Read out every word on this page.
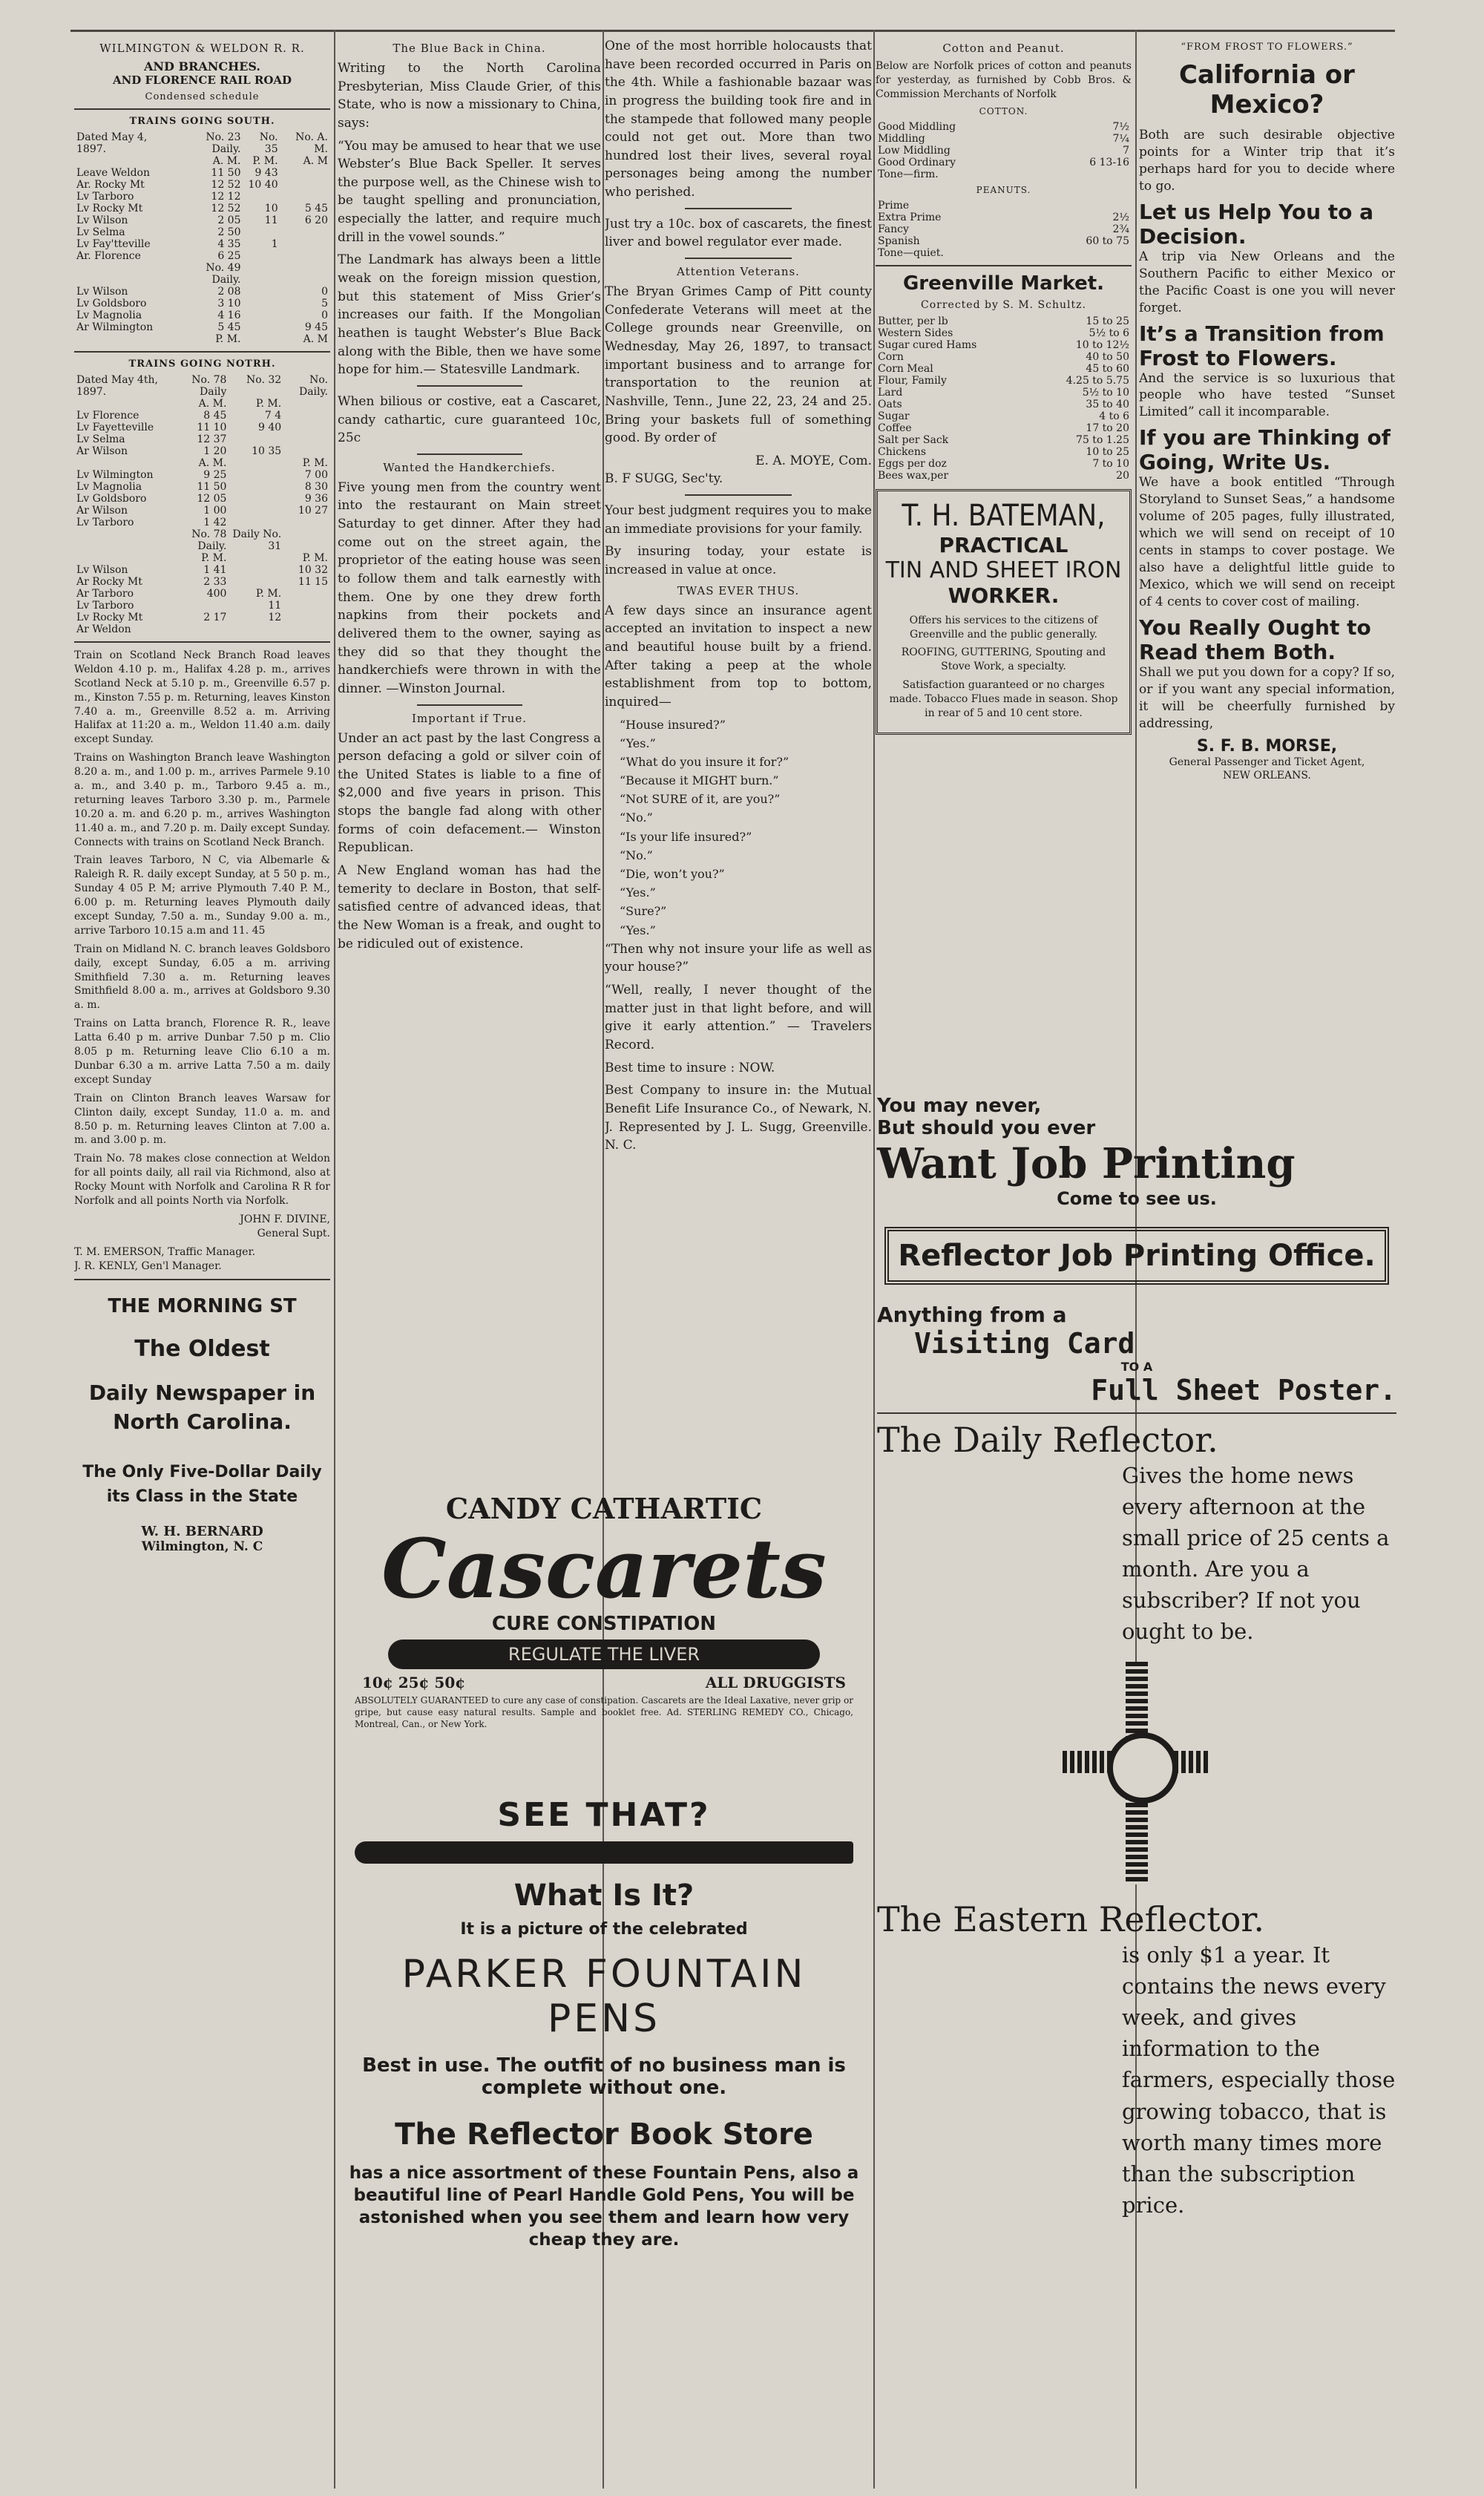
WILMINGTON & WELDON R. R.
AND BRANCHES.
AND FLORENCE RAIL ROAD
Condensed schedule
TRAINS GOING SOUTH.
Dated May 4, 1897.	No. 23 Daily.	No. 35	No. A. M.
	A. M.	P. M.	A. M
Leave Weldon	11 50	9 43	
Ar. Rocky Mt	12 52	10 40	
Lv Tarboro	12 12		
Lv Rocky Mt	12 52	10	5 45
Lv Wilson	2 05	11	6 20
Lv Selma	2 50		
Lv Fay'tteville	4 35	1	
Ar. Florence	6 25		
	No. 49 Daily.		
Lv Wilson	2 08		0
Lv Goldsboro	3 10		5
Lv Magnolia	4 16		0
Ar Wilmington	5 45		9 45
	P. M.		A. M
TRAINS GOING NOTRH.
Dated May 4th, 1897.	No. 78 Daily	No. 32	No. Daily.
	A. M.	P. M.	
Lv Florence	8 45	7 4	
Lv Fayetteville	11 10	9 40	
Lv Selma	12 37		
Ar Wilson	1 20	10 35	
	A. M.		P. M.
Lv Wilmington	9 25		7 00
Lv Magnolia	11 50		8 30
Lv Goldsboro	12 05		9 36
Ar Wilson	1 00		10 27
Lv Tarboro	1 42		
	No. 78 Daily.	Daily No. 31	
	P. M.		P. M.
Lv Wilson	1 41		10 32
Ar Rocky Mt	2 33		11 15
Ar Tarboro	400	P. M.	
Lv Tarboro		11	
Lv Rocky Mt	2 17	12	
Ar Weldon			

Train on Scotland Neck Branch Road leaves Weldon 4.10 p. m., Halifax 4.28 p. m., arrives Scotland Neck at 5.10 p. m., Greenville 6.57 p. m., Kinston 7.55 p. m. Returning, leaves Kinston 7.40 a. m., Greenville 8.52 a. m. Arriving Halifax at 11:20 a. m., Weldon 11.40 a.m. daily except Sunday.

Trains on Washington Branch leave Washington 8.20 a. m., and 1.00 p. m., arrives Parmele 9.10 a. m., and 3.40 p. m., Tarboro 9.45 a. m., returning leaves Tarboro 3.30 p. m., Parmele 10.20 a. m. and 6.20 p. m., arrives Washington 11.40 a. m., and 7.20 p. m. Daily except Sunday. Connects with trains on Scotland Neck Branch.

Train leaves Tarboro, N C, via Albemarle & Raleigh R. R. daily except Sunday, at 5 50 p. m., Sunday 4 05 P. M; arrive Plymouth 7.40 P. M., 6.00 p. m. Returning leaves Plymouth daily except Sunday, 7.50 a. m., Sunday 9.00 a. m., arrive Tarboro 10.15 a.m and 11. 45

Train on Midland N. C. branch leaves Goldsboro daily, except Sunday, 6.05 a m. arriving Smithfield 7.30 a. m. Returning leaves Smithfield 8.00 a. m., arrives at Goldsboro 9.30 a. m.

Trains on Latta branch, Florence R. R., leave Latta 6.40 p m. arrive Dunbar 7.50 p m. Clio 8.05 p m. Returning leave Clio 6.10 a m. Dunbar 6.30 a m. arrive Latta 7.50 a m. daily except Sunday

Train on Clinton Branch leaves Warsaw for Clinton daily, except Sunday, 11.0 a. m. and 8.50 p. m. Returning leaves Clinton at 7.00 a. m. and 3.00 p. m.

Train No. 78 makes close connection at Weldon for all points daily, all rail via Richmond, also at Rocky Mount with Norfolk and Carolina R R for Norfolk and all points North via Norfolk.

JOHN F. DIVINE,

General Supt.

T. M. EMERSON, Traffic Manager.

J. R. KENLY, Gen'l Manager.

THE MORNING ST
The Oldest
Daily Newspaper in
North Carolina.
The Only Five-Dollar Daily its Class in the State
W. H. BERNARD
Wilmington, N. C
The Blue Back in China.

Writing to the North Carolina Presbyterian, Miss Claude Grier, of this State, who is now a missionary to China, says:

“You may be amused to hear that we use Webster’s Blue Back Speller. It serves the purpose well, as the Chinese wish to be taught spelling and pronunciation, especially the latter, and require much drill in the vowel sounds.”

The Landmark has always been a little weak on the foreign mission question, but this statement of Miss Grier’s increases our faith. If the Mongolian heathen is taught Webster’s Blue Back along with the Bible, then we have some hope for him.— Statesville Landmark.

When bilious or costive, eat a Cascaret, candy cathartic, cure guaranteed 10c, 25c

Wanted the Handkerchiefs.

Five young men from the country went into the restaurant on Main street Saturday to get dinner. After they had come out on the street again, the proprietor of the eating house was seen to follow them and talk earnestly with them. One by one they drew forth napkins from their pockets and delivered them to the owner, saying as they did so that they thought the handkerchiefs were thrown in with the dinner. —Winston Journal.

Important if True.

Under an act past by the last Congress a person defacing a gold or silver coin of the United States is liable to a fine of $2,000 and five years in prison. This stops the bangle fad along with other forms of coin defacement.— Winston Republican.

A New England woman has had the temerity to declare in Boston, that self-satisfied centre of advanced ideas, that the New Woman is a freak, and ought to be ridiculed out of existence.

CANDY CATHARTIC
Cascarets
CURE CONSTIPATION
REGULATE THE LIVER
10¢ 25¢ 50¢	ALL DRUGGISTS

ABSOLUTELY GUARANTEED to cure any case of constipation. Cascarets are the Ideal Laxative, never grip or gripe, but cause easy natural results. Sample and booklet free. Ad. STERLING REMEDY CO., Chicago, Montreal, Can., or New York.

SEE THAT?
What Is It?
It is a picture of the celebrated
PARKER FOUNTAIN PENS
Best in use. The outfit of no business man is complete without one.
The Reflector Book Store
has a nice assortment of these Fountain Pens, also a beautiful line of Pearl Handle Gold Pens, You will be astonished when you see them and learn how very cheap they are.

One of the most horrible holocausts that have been recorded occurred in Paris on the 4th. While a fashionable bazaar was in progress the building took fire and in the stampede that followed many people could not get out. More than two hundred lost their lives, several royal personages being among the number who perished.

Just try a 10c. box of cascarets, the finest liver and bowel regulator ever made.

Attention Veterans.

The Bryan Grimes Camp of Pitt county Confederate Veterans will meet at the College grounds near Greenville, on Wednesday, May 26, 1897, to transact important business and to arrange for transportation to the reunion at Nashville, Tenn., June 22, 23, 24 and 25. Bring your baskets full of something good. By order of

E. A. MOYE, Com.

B. F SUGG, Sec'ty.

Your best judgment requires you to make an immediate provisions for your family.

By insuring today, your estate is increased in value at once.

TWAS EVER THUS.

A few days since an insurance agent accepted an invitation to inspect a new and beautiful house built by a friend. After taking a peep at the whole establishment from top to bottom, inquired—

“House insured?”

“Yes.”

“What do you insure it for?”

“Because it MIGHT burn.”

“Not SURE of it, are you?”

“No.”

“Is your life insured?”

“No.”

“Die, won’t you?”

“Yes.”

“Sure?”

“Yes.”

“Then why not insure your life as well as your house?”

“Well, really, I never thought of the matter just in that light before, and will give it early attention.” — Travelers Record.

Best time to insure : NOW.

Best Company to insure in: the Mutual Benefit Life Insurance Co., of Newark, N. J. Represented by J. L. Sugg, Greenville. N. C.

Cotton and Peanut.

Below are Norfolk prices of cotton and peanuts for yesterday, as furnished by Cobb Bros. & Commission Merchants of Norfolk

COTTON.
Good Middling	7½
Middling	7¼
Low Middling	7
Good Ordinary	6 13-16
Tone—firm.	
PEANUTS.
Prime	
Extra Prime	2½
Fancy	2¾
Spanish	60 to 75
Tone—quiet.	
Greenville Market.
Corrected by S. M. Schultz.
Butter, per lb	15 to 25
Western Sides	5½ to 6
Sugar cured Hams	10 to 12½
Corn	40 to 50
Corn Meal	45 to 60
Flour, Family	4.25 to 5.75
Lard	5½ to 10
Oats	35 to 40
Sugar	4 to 6
Coffee	17 to 20
Salt per Sack	75 to 1.25
Chickens	10 to 25
Eggs per doz	7 to 10
Bees wax,per	20
T. H. BATEMAN,
PRACTICAL
TIN AND SHEET IRON
WORKER.

Offers his services to the citizens of Greenville and the public generally.

ROOFING, GUTTERING, Spouting and Stove Work, a specialty.

Satisfaction guaranteed or no charges made. Tobacco Flues made in season. Shop in rear of 5 and 10 cent store.

You may never,
But should you ever
Want Job Printing
Come to see us.
Reflector Job Printing Office.
Anything from a
Visiting Card
TO A
Full Sheet Poster.
The Daily Reflector.

Gives the home news every afternoon at the small price of 25 cents a month. Are you a subscriber? If not you ought to be.

The Eastern Reflector.

is only $1 a year. It contains the news every week, and gives information to the farmers, especially those growing tobacco, that is worth many times more than the subscription price.

“FROM FROST TO FLOWERS.”
California or Mexico?

Both are such desirable objective points for a Winter trip that it’s perhaps hard for you to decide where to go.

Let us Help You to a Decision.

A trip via New Orleans and the Southern Pacific to either Mexico or the Pacific Coast is one you will never forget.

It’s a Transition from Frost to Flowers.

And the service is so luxurious that people who have tested “Sunset Limited” call it incomparable.

If you are Thinking of Going, Write Us.

We have a book entitled “Through Storyland to Sunset Seas,” a handsome volume of 205 pages, fully illustrated, which we will send on receipt of 10 cents in stamps to cover postage. We also have a delightful little guide to Mexico, which we will send on receipt of 4 cents to cover cost of mailing.

You Really Ought to Read them Both.

Shall we put you down for a copy? If so, or if you want any special information, it will be cheerfully furnished by addressing,

S. F. B. MORSE,

General Passenger and Ticket Agent,

NEW ORLEANS.
